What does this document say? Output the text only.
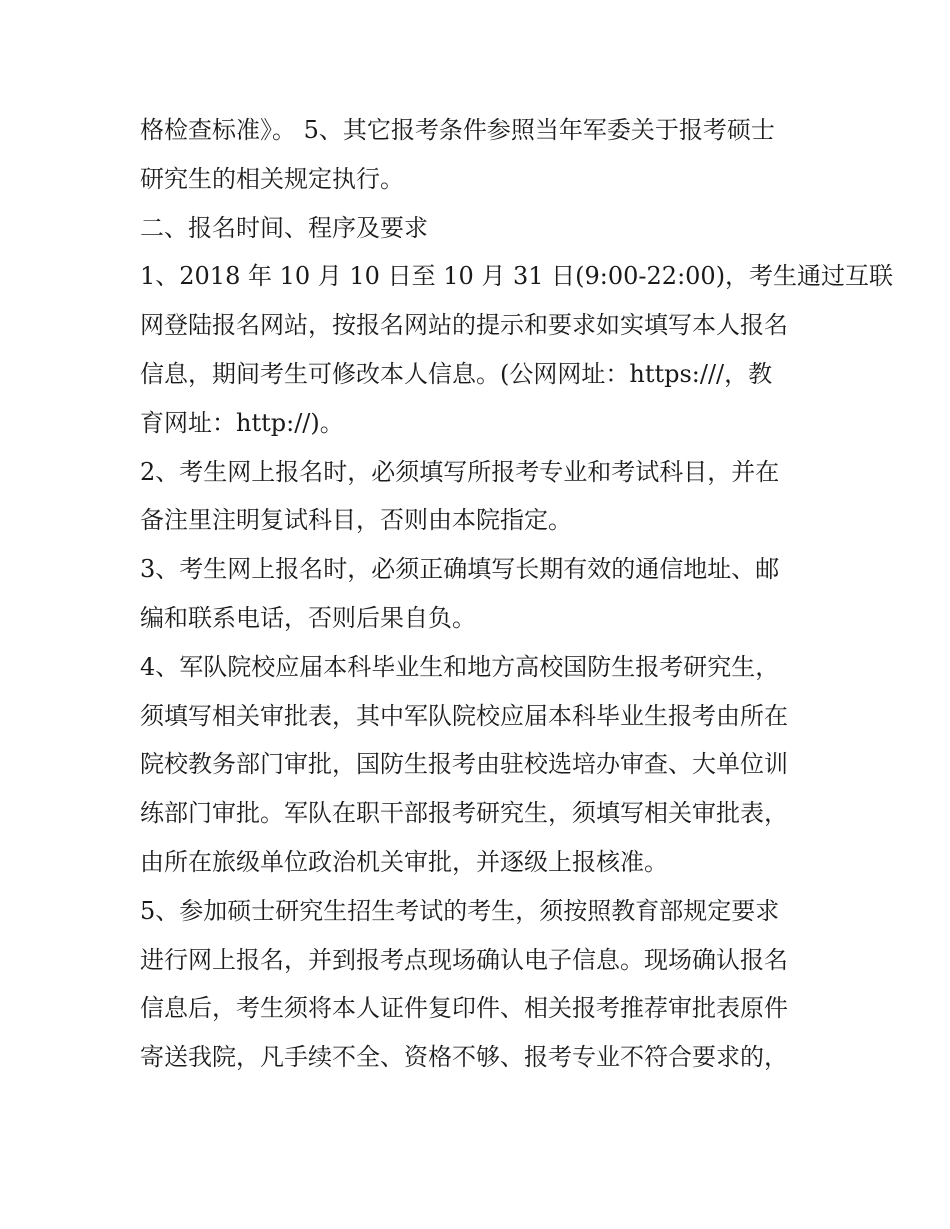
格检查标准》。 5、其它报考条件参照当年军委关于报考硕士
研究生的相关规定执行。
二、报名时间、程序及要求
1、2018 年 10 月 10 日至 10 月 31 日(9:00-22:00)，考生通过互联
网登陆报名网站，按报名网站的提示和要求如实填写本人报名
信息，期间考生可修改本人信息。(公网网址：https:///，教
育网址：http://)。
2、考生网上报名时，必须填写所报考专业和考试科目，并在
备注里注明复试科目，否则由本院指定。
3、考生网上报名时，必须正确填写长期有效的通信地址、邮
编和联系电话，否则后果自负。
4、军队院校应届本科毕业生和地方高校国防生报考研究生，
须填写相关审批表，其中军队院校应届本科毕业生报考由所在
院校教务部门审批，国防生报考由驻校选培办审查、大单位训
练部门审批。军队在职干部报考研究生，须填写相关审批表，
由所在旅级单位政治机关审批，并逐级上报核准。
5、参加硕士研究生招生考试的考生，须按照教育部规定要求
进行网上报名，并到报考点现场确认电子信息。现场确认报名
信息后，考生须将本人证件复印件、相关报考推荐审批表原件
寄送我院，凡手续不全、资格不够、报考专业不符合要求的，
